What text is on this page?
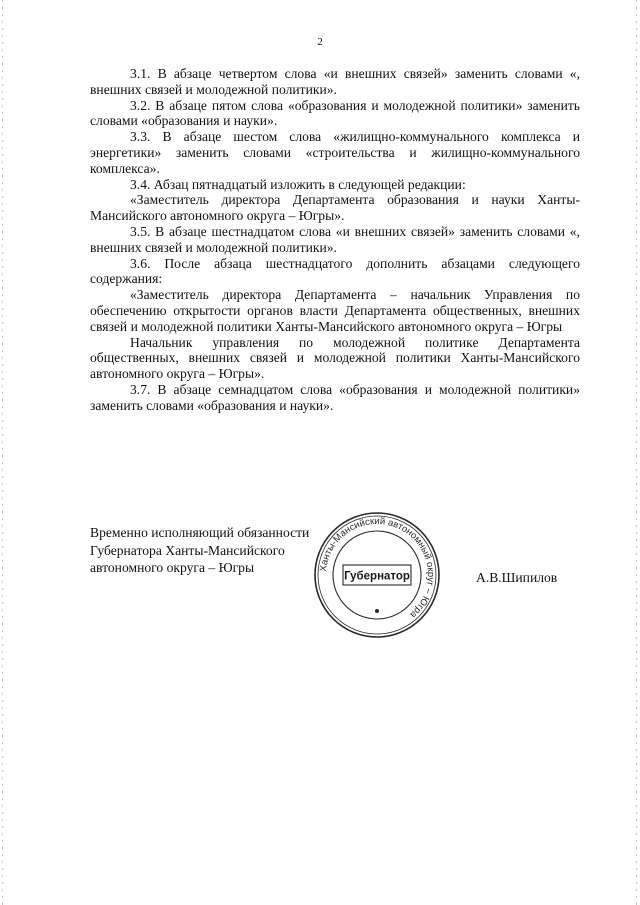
2

3.1. В абзаце четвертом слова «и внешних связей» заменить словами «, внешних связей и молодежной политики».

3.2. В абзаце пятом слова «образования и молодежной политики» заменить словами «образования и науки».

3.3. В абзаце шестом слова «жилищно-коммунального комплекса и энергетики» заменить словами «строительства и жилищно-коммунального комплекса».

3.4. Абзац пятнадцатый изложить в следующей редакции:

«Заместитель директора Департамента образования и науки Ханты-Мансийского автономного округа – Югры».

3.5. В абзаце шестнадцатом слова «и внешних связей» заменить словами «, внешних связей и молодежной политики».

3.6. После абзаца шестнадцатого дополнить абзацами следующего содержания:

«Заместитель директора Департамента – начальник Управления по обеспечению открытости органов власти Департамента общественных, внешних связей и молодежной политики Ханты-Мансийского автономного округа – Югры

Начальник управления по молодежной политике Департамента общественных, внешних связей и молодежной политики Ханты-Мансийского автономного округа – Югры».

3.7. В абзаце семнадцатом слова «образования и молодежной политики» заменить словами «образования и науки».

Временно исполняющий обязанности
Губернатора Ханты-Мансийского
автономного округа – Югры	Ханты-Мансийский автономный округ – Югра
Губернатор	А.В.Шипилов
